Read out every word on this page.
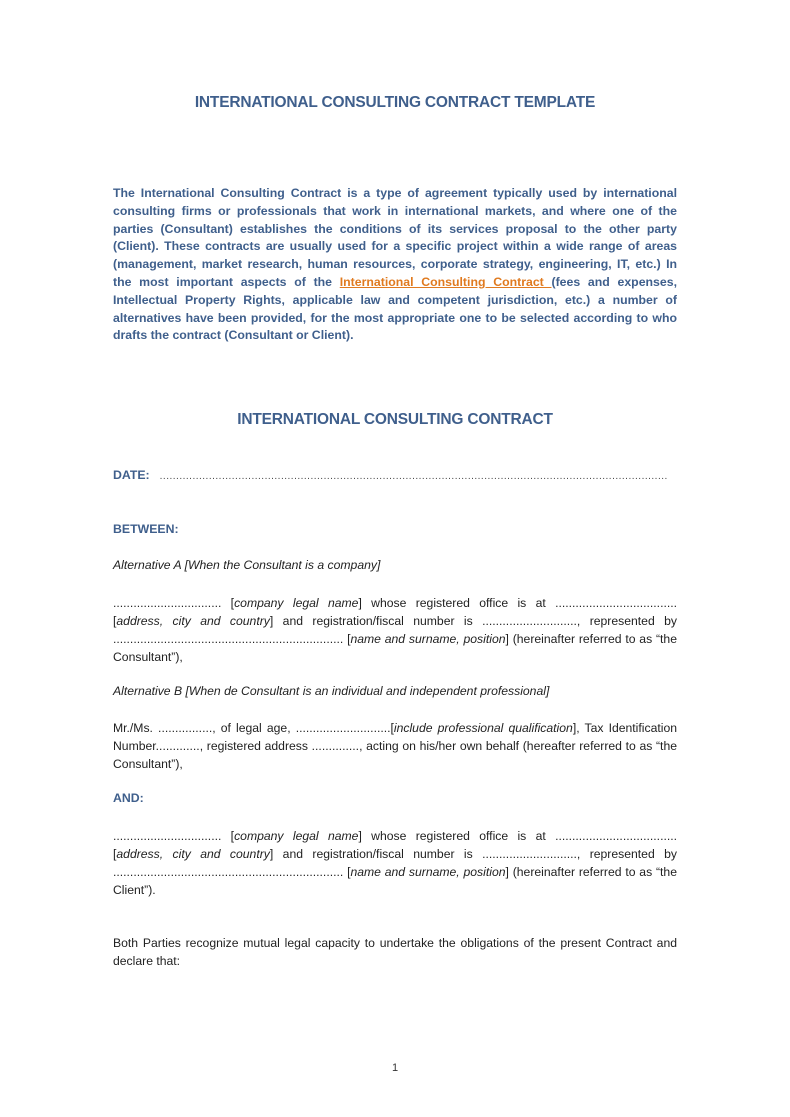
INTERNATIONAL CONSULTING CONTRACT TEMPLATE
The International Consulting Contract is a type of agreement typically used by international consulting firms or professionals that work in international markets, and where one of the parties (Consultant) establishes the conditions of its services proposal to the other party (Client). These contracts are usually used for a specific project within a wide range of areas (management, market research, human resources, corporate strategy, engineering, IT, etc.) In the most important aspects of the International Consulting Contract (fees and expenses, Intellectual Property Rights, applicable law and competent jurisdiction, etc.) a number of alternatives have been provided, for the most appropriate one to be selected according to who drafts the contract (Consultant or Client).
INTERNATIONAL CONSULTING CONTRACT
DATE: ...........................................................................................................................................................
BETWEEN:
Alternative A [When the Consultant is a company]
................................ [company legal name] whose registered office is at .................................... [address, city and country] and registration/fiscal number is ............................, represented by .................................................................... [name and surname, position] (hereinafter referred to as “the Consultant”),
Alternative B [When de Consultant is an individual and independent professional]
Mr./Ms. ................, of legal age, ............................[include professional qualification], Tax Identification Number............., registered address .............., acting on his/her own behalf (hereafter referred to as “the Consultant”),
AND:
................................ [company legal name] whose registered office is at .................................... [address, city and country] and registration/fiscal number is ............................, represented by .................................................................... [name and surname, position] (hereinafter referred to as “the Client”).
Both Parties recognize mutual legal capacity to undertake the obligations of the present Contract and declare that:
1
